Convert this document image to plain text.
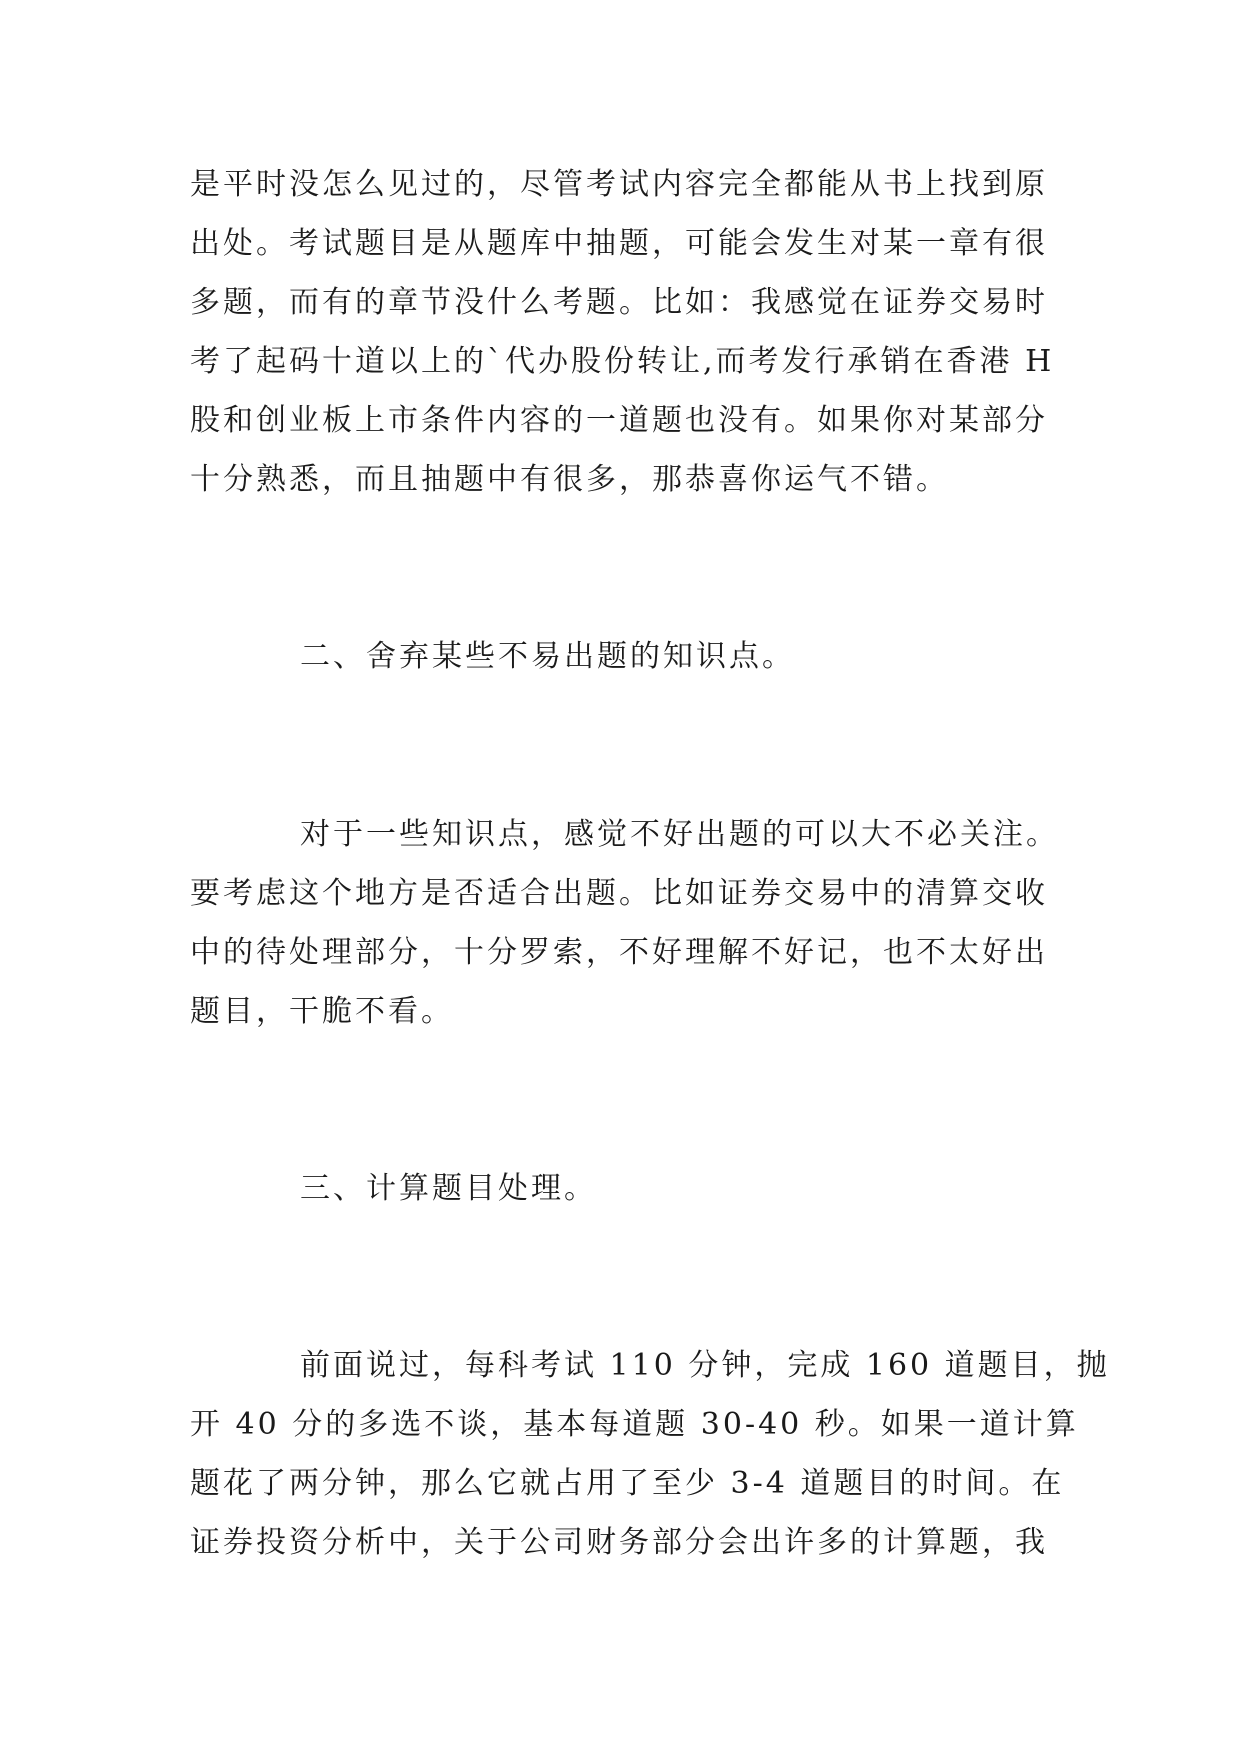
是平时没怎么见过的，尽管考试内容完全都能从书上找到原
出处。考试题目是从题库中抽题，可能会发生对某一章有很
多题，而有的章节没什么考题。比如：我感觉在证券交易时
考了起码十道以上的`代办股份转让,而考发行承销在香港 H
股和创业板上市条件内容的一道题也没有。如果你对某部分
十分熟悉，而且抽题中有很多，那恭喜你运气不错。
二、舍弃某些不易出题的知识点。
对于一些知识点，感觉不好出题的可以大不必关注。
要考虑这个地方是否适合出题。比如证券交易中的清算交收
中的待处理部分，十分罗索，不好理解不好记，也不太好出
题目，干脆不看。
三、计算题目处理。
前面说过，每科考试 110 分钟，完成 160 道题目，抛
开 40 分的多选不谈，基本每道题 30-40 秒。如果一道计算
题花了两分钟，那么它就占用了至少 3-4 道题目的时间。在
证券投资分析中，关于公司财务部分会出许多的计算题，我
